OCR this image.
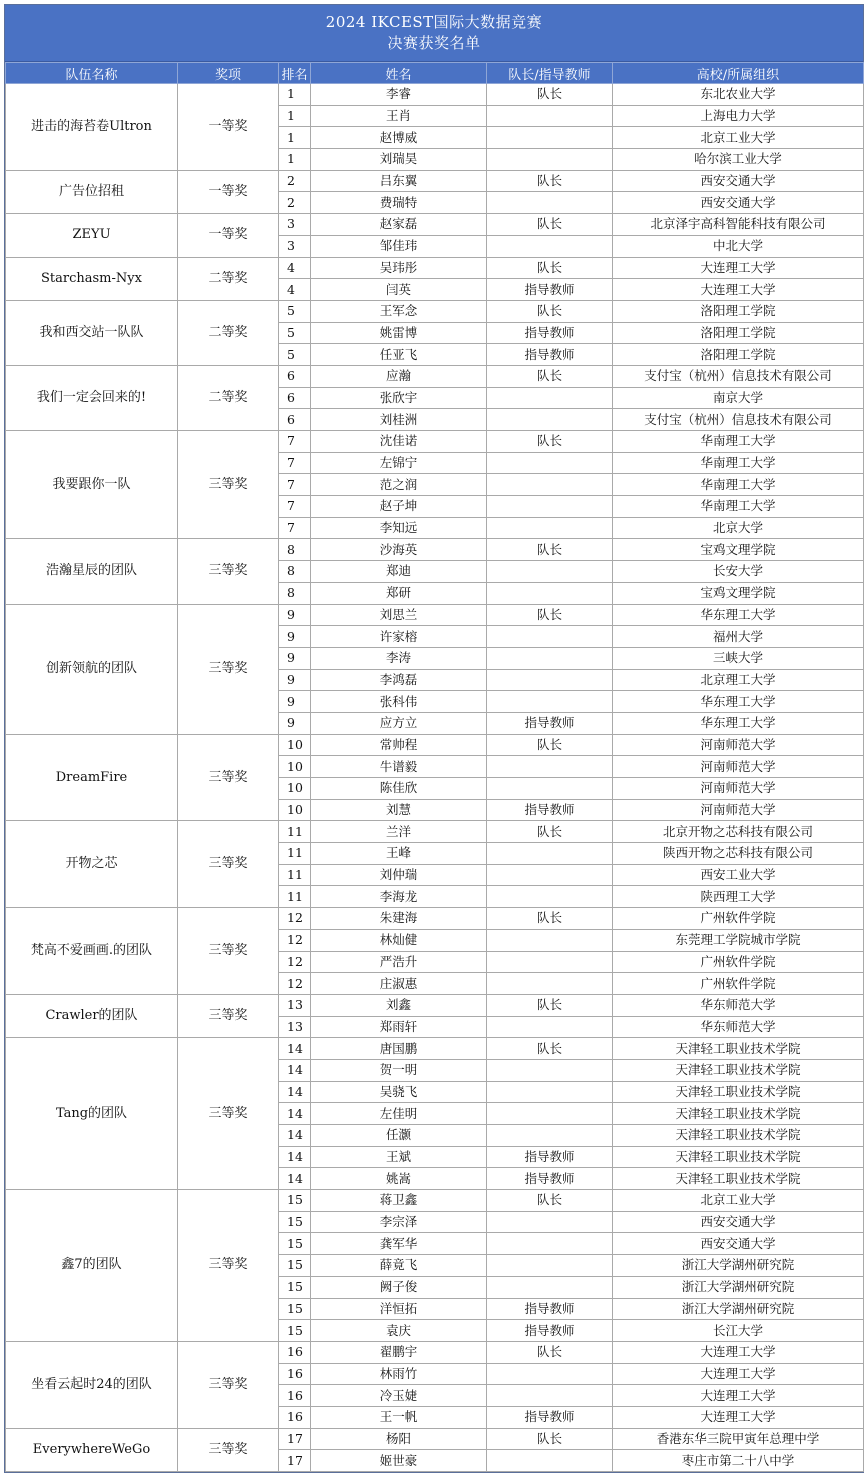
2024 IKCEST国际大数据竞赛
决赛获奖名单
队伍名称	奖项	排名	姓名	队长/指导教师	高校/所属组织
进击的海苔卷Ultron	一等奖	1	李睿	队长	东北农业大学
		1	王肖		上海电力大学
		1	赵博威		北京工业大学
		1	刘瑞昊		哈尔滨工业大学
广告位招租	一等奖	2	吕东翼	队长	西安交通大学
		2	费瑞特		西安交通大学
ZEYU	一等奖	3	赵家磊	队长	北京泽宇高科智能科技有限公司
		3	邹佳玮		中北大学
Starchasm-Nyx	二等奖	4	吴玮彤	队长	大连理工大学
		4	闫英	指导教师	大连理工大学
我和西交站一队队	二等奖	5	王军念	队长	洛阳理工学院
		5	姚雷博	指导教师	洛阳理工学院
		5	任亚飞	指导教师	洛阳理工学院
我们一定会回来的!	二等奖	6	应瀚	队长	支付宝（杭州）信息技术有限公司
		6	张欣宇		南京大学
		6	刘桂洲		支付宝（杭州）信息技术有限公司
我要跟你一队	三等奖	7	沈佳诺	队长	华南理工大学
		7	左锦宁		华南理工大学
		7	范之润		华南理工大学
		7	赵子坤		华南理工大学
		7	李知远		北京大学
浩瀚星辰的团队	三等奖	8	沙海英	队长	宝鸡文理学院
		8	郑迪		长安大学
		8	郑研		宝鸡文理学院
创新领航的团队	三等奖	9	刘思兰	队长	华东理工大学
		9	许家榕		福州大学
		9	李涛		三峡大学
		9	李鸿磊		北京理工大学
		9	张科伟		华东理工大学
		9	应方立	指导教师	华东理工大学
DreamFire	三等奖	10	常帅程	队长	河南师范大学
		10	牛谱毅		河南师范大学
		10	陈佳欣		河南师范大学
		10	刘慧	指导教师	河南师范大学
开物之芯	三等奖	11	兰洋	队长	北京开物之芯科技有限公司
		11	王峰		陕西开物之芯科技有限公司
		11	刘仲瑞		西安工业大学
		11	李海龙		陕西理工大学
梵高不爱画画.的团队	三等奖	12	朱建海	队长	广州软件学院
		12	林灿健		东莞理工学院城市学院
		12	严浩升		广州软件学院
		12	庄淑惠		广州软件学院
Crawler的团队	三等奖	13	刘鑫	队长	华东师范大学
		13	郑雨轩		华东师范大学
Tang的团队	三等奖	14	唐国鹏	队长	天津轻工职业技术学院
		14	贺一明		天津轻工职业技术学院
		14	吴骁飞		天津轻工职业技术学院
		14	左佳明		天津轻工职业技术学院
		14	任灏		天津轻工职业技术学院
		14	王斌	指导教师	天津轻工职业技术学院
		14	姚嵩	指导教师	天津轻工职业技术学院
鑫7的团队	三等奖	15	蒋卫鑫	队长	北京工业大学
		15	李宗泽		西安交通大学
		15	龚军华		西安交通大学
		15	薛竟飞		浙江大学湖州研究院
		15	阙子俊		浙江大学湖州研究院
		15	洋恒拓	指导教师	浙江大学湖州研究院
		15	袁庆	指导教师	长江大学
坐看云起时24的团队	三等奖	16	翟鹏宇	队长	大连理工大学
		16	林雨竹		大连理工大学
		16	冷玉婕		大连理工大学
		16	王一帆	指导教师	大连理工大学
EverywhereWeGo	三等奖	17	杨阳	队长	香港东华三院甲寅年总理中学
		17	姬世豪		枣庄市第二十八中学
